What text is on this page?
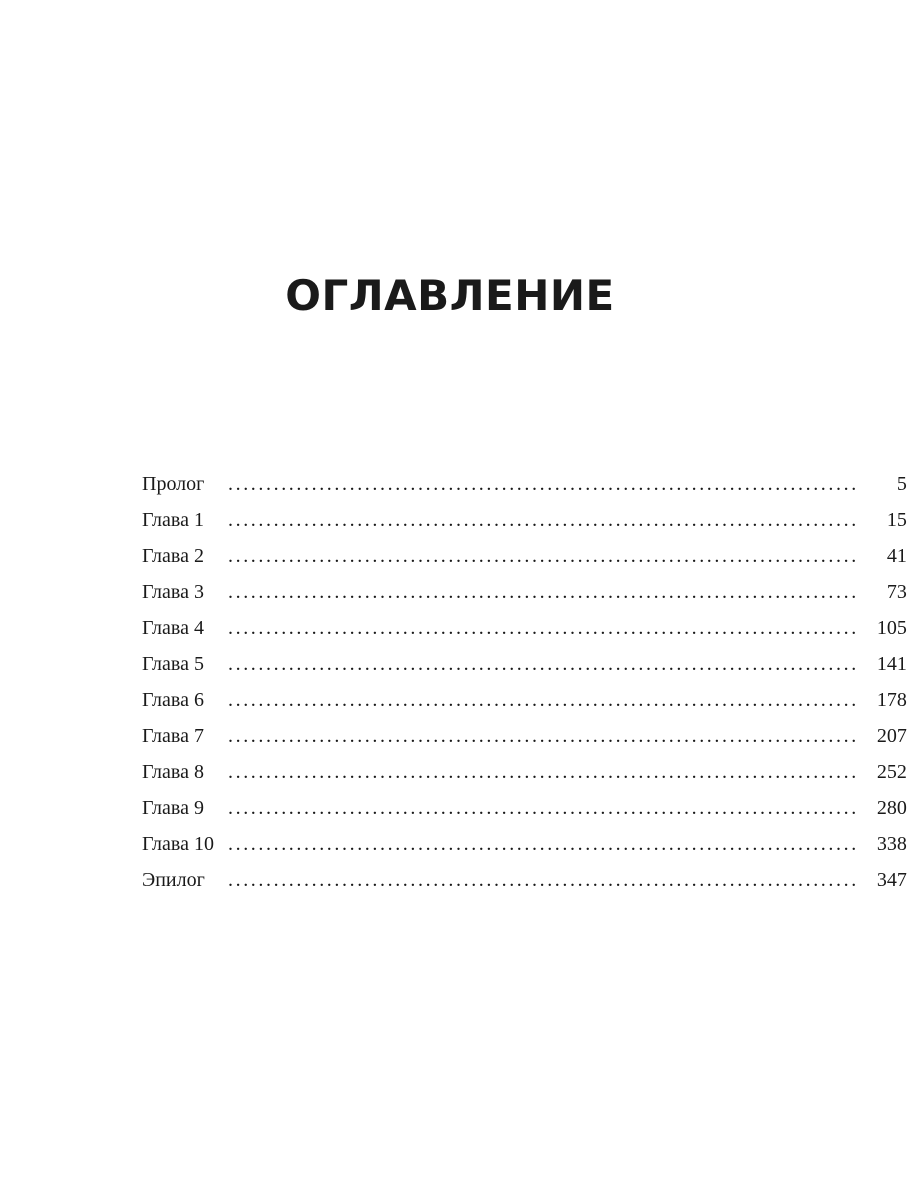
ОГЛАВЛЕНИЕ
Пролог	...................................................................................	5
Глава 1	...................................................................................	15
Глава 2	...................................................................................	41
Глава 3	...................................................................................	73
Глава 4	................................................................................... 105
Глава 5	................................................................................... 141
Глава 6	................................................................................... 178
Глава 7	................................................................................... 207
Глава 8	................................................................................... 252
Глава 9	................................................................................... 280
Глава 10 ................................................................................... 338
Эпилог	................................................................................... 347
